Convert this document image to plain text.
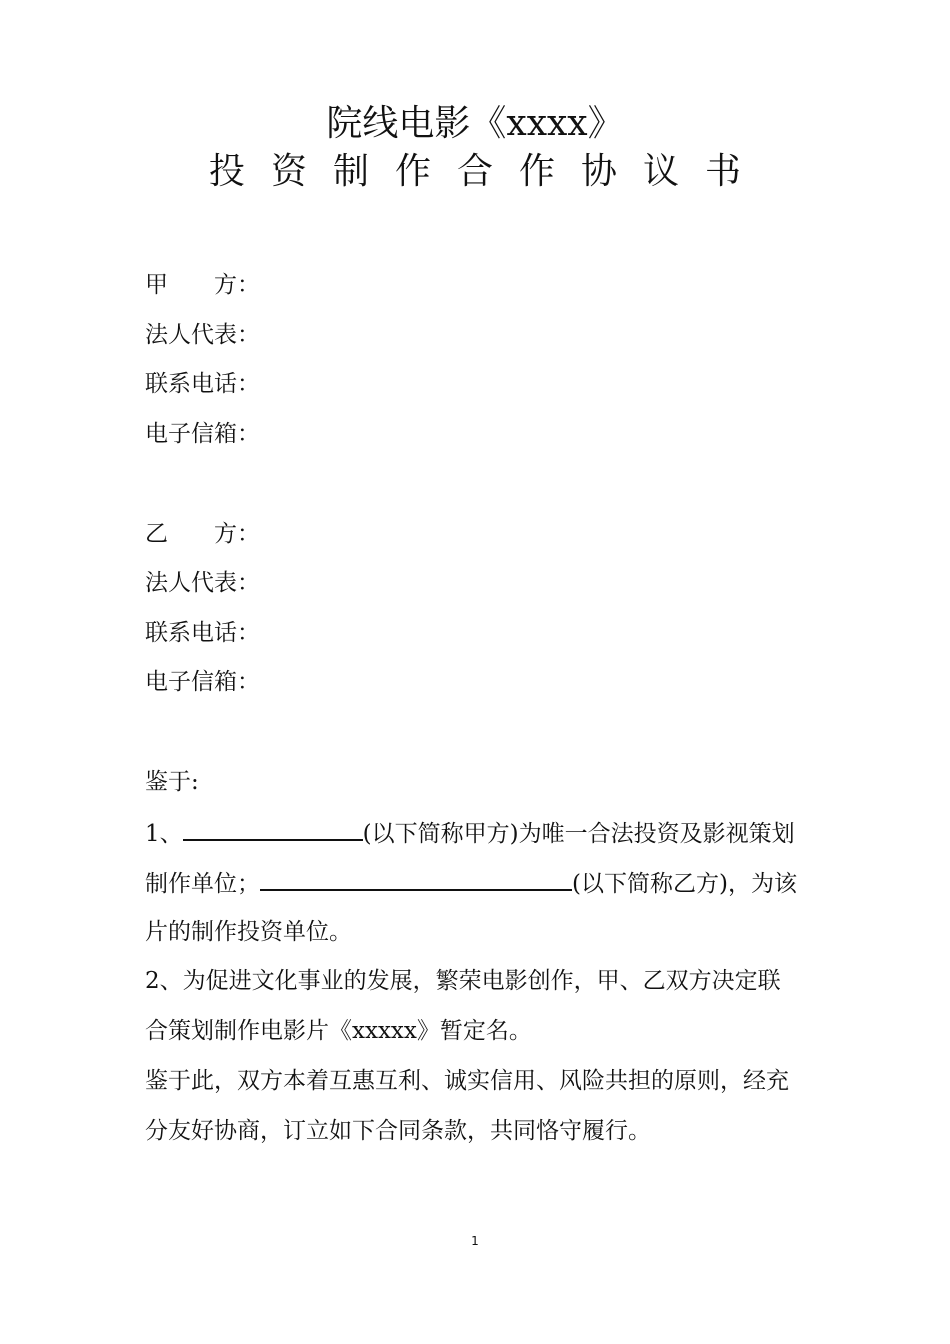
院线电影《xxxx》
投 资 制 作 合 作 协 议 书
甲 方：
法人代表：
联系电话：
电子信箱：
乙 方：
法人代表：
联系电话：
电子信箱：
鉴于:
1、	(以下简称甲方)为唯一合法投资及影视策划
制作单位；	(以下简称乙方)，为该
片的制作投资单位。
2、为促进文化事业的发展，繁荣电影创作，甲、乙双方决定联
合策划制作电影片《xxxxx》暂定名。
鉴于此，双方本着互惠互利、诚实信用、风险共担的原则，经充
分友好协商，订立如下合同条款，共同恪守履行。
1
